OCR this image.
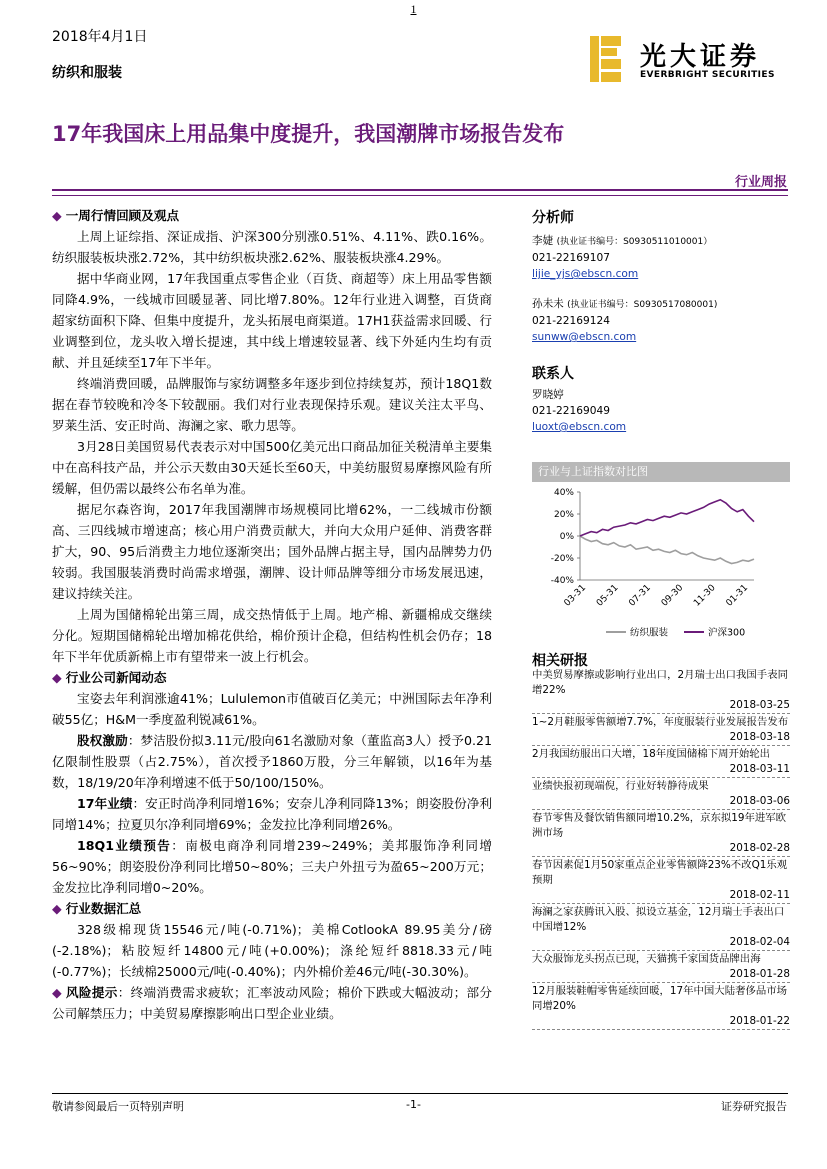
1
2018年4月1日
纺织和服装
光大证券
EVERBRIGHT SECURITIES
17年我国床上用品集中度提升，我国潮牌市场报告发布
行业周报
◆ 一周行情回顾及观点

上周上证综指、深证成指、沪深300分别涨0.51%、4.11%、跌0.16%。纺织服装板块涨2.72%，其中纺织板块涨2.62%、服装板块涨4.29%。

据中华商业网，17年我国重点零售企业（百货、商超等）床上用品零售额同降4.9%，一线城市回暖显著、同比增7.80%。12年行业进入调整，百货商超家纺面积下降、但集中度提升，龙头拓展电商渠道。17H1获益需求回暖、行业调整到位，龙头收入增长提速，其中线上增速较显著、线下外延内生均有贡献、并且延续至17年下半年。

终端消费回暖，品牌服饰与家纺调整多年逐步到位持续复苏，预计18Q1数据在春节较晚和冷冬下较靓丽。我们对行业表现保持乐观。建议关注太平鸟、罗莱生活、安正时尚、海澜之家、歌力思等。

3月28日美国贸易代表表示对中国500亿美元出口商品加征关税清单主要集中在高科技产品，并公示天数由30天延长至60天，中美纺服贸易摩擦风险有所缓解，但仍需以最终公布名单为准。

据尼尔森咨询，2017年我国潮牌市场规模同比增62%，一二线城市份额高、三四线城市增速高；核心用户消费贡献大，并向大众用户延伸、消费客群扩大，90、95后消费主力地位逐渐突出；国外品牌占据主导，国内品牌势力仍较弱。我国服装消费时尚需求增强，潮牌、设计师品牌等细分市场发展迅速，建议持续关注。

上周为国储棉轮出第三周，成交热情低于上周。地产棉、新疆棉成交继续分化。短期国储棉轮出增加棉花供给，棉价预计企稳，但结构性机会仍存；18年下半年优质新棉上市有望带来一波上行机会。

◆ 行业公司新闻动态

宝姿去年利润涨逾41%；Lululemon市值破百亿美元；中洲国际去年净利破55亿；H&M一季度盈利锐减61%。

股权激励：梦洁股份拟3.11元/股向61名激励对象（董监高3人）授予0.21亿限制性股票（占2.75%），首次授予1860万股，分三年解锁，以16年为基数，18/19/20年净利增速不低于50/100/150%。

17年业绩：安正时尚净利同增16%；安奈儿净利同降13%；朗姿股份净利同增14%；拉夏贝尔净利同增69%；金发拉比净利同增26%。

18Q1业绩预告：南极电商净利同增239~249%；美邦服饰净利同增56~90%；朗姿股份净利同比增50~80%；三夫户外扭亏为盈65~200万元；金发拉比净利同增0~20%。

◆ 行业数据汇总

328级棉现货15546元/吨(-0.71%)；美棉CotlookA 89.95美分/磅(-2.18%)；粘胶短纤14800元/吨(+0.00%)；涤纶短纤8818.33元/吨(-0.77%)；长绒棉25000元/吨(-0.40%)；内外棉价差46元/吨(-30.30%)。

◆ 风险提示：终端消费需求疲软；汇率波动风险；棉价下跌或大幅波动；部分公司解禁压力；中美贸易摩擦影响出口型企业业绩。
分析师
李婕 (执业证书编号：S0930511010001）
021-22169107
lijie_yjs@ebscn.com
孙未未 (执业证书编号：S0930517080001)
021-22169124
sunww@ebscn.com
联系人
罗晓婷
021-22169049
luoxt@ebscn.com
行业与上证指数对比图
40%
20%
0%
-20%
-40%
03-31 05-31 07-31 09-30 11-30 01-31
纺织服装	沪深300
相关研报
中美贸易摩擦或影响行业出口，2月瑞士出口我国手表同增22%
2018-03-25
1~2月鞋服零售额增7.7%，年度服装行业发展报告发布
2018-03-18
2月我国纺服出口大增，18年度国储棉下周开始轮出
2018-03-11
业绩快报初现端倪，行业好转静待成果
2018-03-06
春节零售及餐饮销售额同增10.2%，京东拟19年进军欧洲市场
2018-02-28
春节因素促1月50家重点企业零售额降23%不改Q1乐观预期
2018-02-11
海澜之家获腾讯入股、拟设立基金，12月瑞士手表出口中国增12%
2018-02-04
大众服饰龙头拐点已现，天猫携千家国货品牌出海
2018-01-28
12月服装鞋帽零售延续回暖，17年中国大陆奢侈品市场同增20%
2018-01-22
敬请参阅最后一页特别声明	-1-	证券研究报告
